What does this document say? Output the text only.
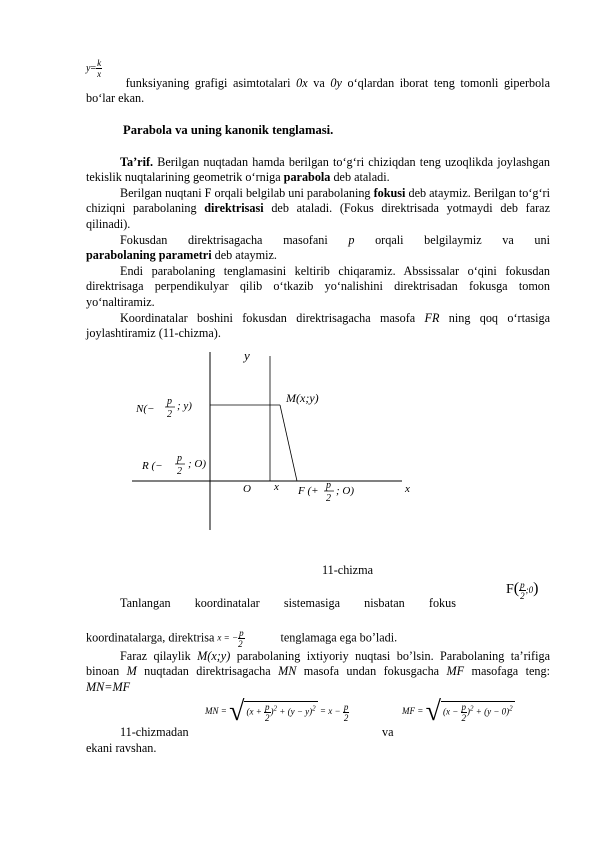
$y= \frac{k}{x}$
funksiyaning grafigi asimtotalari 0x va 0y o‘qlardan iborat teng tomonli giperbola bo‘lar ekan.
Parabola va uning kanonik tenglamasi.
Ta’rif. Berilgan nuqtadan hamda berilgan to‘g‘ri chiziqdan teng uzoqlikda joylashgan tekislik nuqtalarining geometrik o‘rniga parabola deb ataladi.
Berilgan nuqtani F orqali belgilab uni parabolaning fokusi deb ataymiz. Berilgan to‘g‘ri chiziqni parabolaning direktrisasi deb ataladi. (Fokus direktrisada yotmaydi deb faraz qilinadi).
Fokusdan direktrisagacha masofani p orqali belgilaymiz va uni parabolaning parametri deb ataymiz.
Endi parabolaning tenglamasini keltirib chiqaramiz. Abssissalar o‘qini fokusdan direktrisaga perpendikulyar qilib o‘tkazib yo‘nalishini direktrisadan fokusga tomon yo‘naltiramiz.
Koordinatalar boshini fokusdan direktrisagacha masofa FR ning qoq o‘rtasiga joylashtiramiz (11-chizma).
y
x
O x
N(−
p
2
; y)
M(x;y)
R (−
p
2
; O)
F (+ p
2
; O)
11-chizma
Tanlangan koordinatalar sistemasiga nisbatan fokus
$F( \frac{p}{2}$ ;0)
koordinatalarga, direktrisa x = − $\frac{p}{2}$	tenglamaga ega bo’ladi.
Faraz qilaylik M(x;y) parabolaning ixtiyoriy nuqtasi bo’lsin. Parabolaning ta’rifiga binoan M nuqtadan direktrisagacha MN masofa undan fokusgacha MF masofaga teng: MN=MF
11-chizmadan
MN = √ $(x + \frac{p}{2} )^2 + (y - y)^2 = x - \frac{p}{2}$
va
MF = √ $(x - \frac{p}{2} )^2 + (y - 0)^2$
ekani ravshan.
